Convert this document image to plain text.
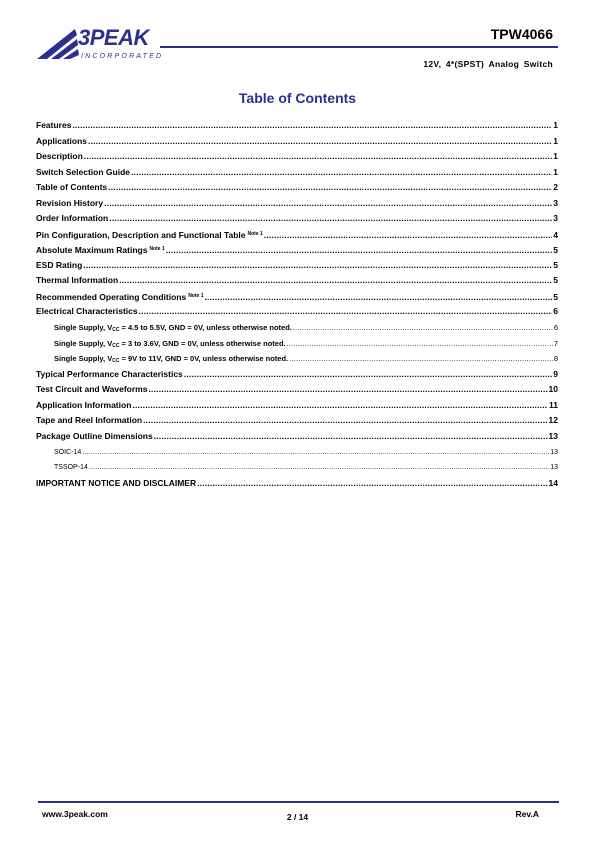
3PEAK
INCORPORATED
TPW4066
12V, 4*(SPST) Analog Switch
Table of Contents
Features .....	1
Applications .....	1
Description .....	1
Switch Selection Guide .....	1
Table of Contents .....	2
Revision History .....	3
Order Information .....	3
Pin Configuration, Description and Functional Table $^{Note 1}$ .....	4
Absolute Maximum Ratings $^{Note 1}$ .....	5
ESD Rating .....	5
Thermal Information .....	5
Recommended Operating Conditions $^{Note 1}$ .....	5
Electrical Characteristics .....	6
Single Supply, $V_{CC} = 4.5$ to 5.5V, GND = 0V, unless otherwise noted. .....	6
Single Supply, $V_{CC} = 3$ to 3.6V, GND = 0V, unless otherwise noted. .....	7
Single Supply, $V_{CC} = 9V$ to 11V, GND = 0V, unless otherwise noted. .....	8
Typical Performance Characteristics .....	9
Test Circuit and Waveforms .....	10
Application Information .....	11
Tape and Reel Information .....	12
Package Outline Dimensions .....	13
SOIC-14 .....	13
TSSOP-14 .....	13
IMPORTANT NOTICE AND DISCLAIMER .....	14
www.3peak.com	2 / 14	Rev.A
